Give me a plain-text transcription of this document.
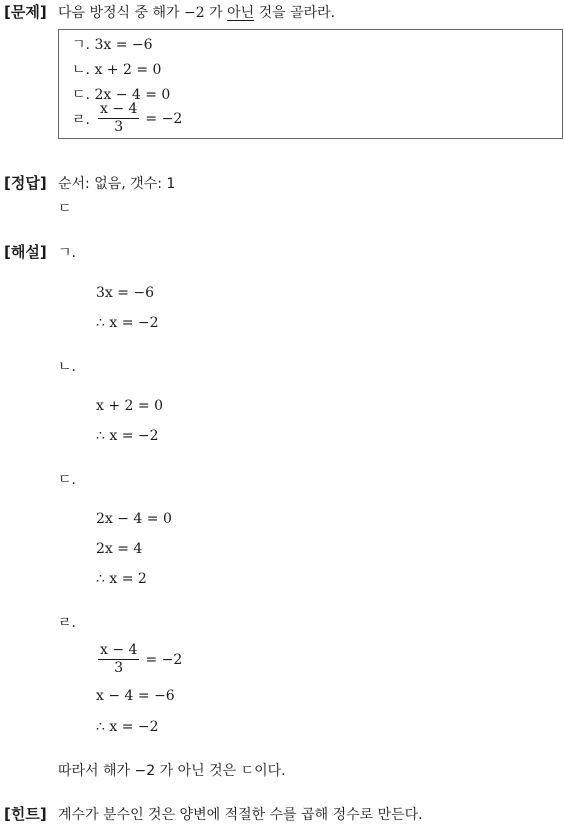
[문제] 다음 방정식 중 해가 −2 가 아닌 것을 골라라.
ㄱ. 3x = −6
ㄴ. x + 2 = 0
ㄷ. 2x − 4 = 0
ㄹ. $\frac{x - 4}{3} = -2$
[정답] 순서: 없음, 갯수: 1
ㄷ
[해설] ㄱ.
3x = −6
∴ x = −2
ㄴ.
x + 2 = 0
∴ x = −2
ㄷ.
2x − 4 = 0
2x = 4
∴ x = 2
ㄹ.
$\frac{x - 4}{3} = -2$
x − 4 = −6
∴ x = −2
따라서 해가 −2 가 아닌 것은 ㄷ이다.
[힌트] 계수가 분수인 것은 양변에 적절한 수를 곱해 정수로 만든다.
